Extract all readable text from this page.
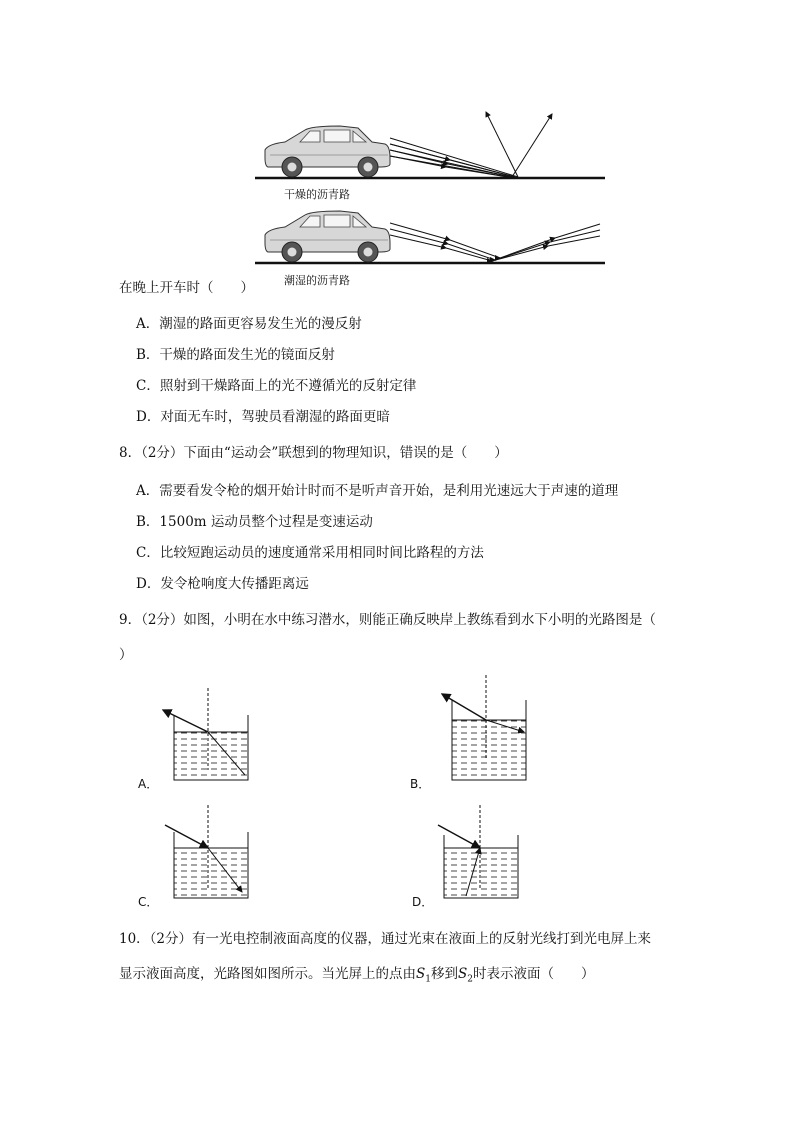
干燥的沥青路
潮湿的沥青路
在晚上开车时（　　）
A．潮湿的路面更容易发生光的漫反射
B．干燥的路面发生光的镜面反射
C．照射到干燥路面上的光不遵循光的反射定律
D．对面无车时，驾驶员看潮湿的路面更暗
8．（2分）下面由“运动会”联想到的物理知识，错误的是（　　）
A．需要看发令枪的烟开始计时而不是听声音开始，是利用光速远大于声速的道理
B．1500m 运动员整个过程是变速运动
C．比较短跑运动员的速度通常采用相同时间比路程的方法
D．发令枪响度大传播距离远
9．（2分）如图，小明在水中练习潜水，则能正确反映岸上教练看到水下小明的光路图是（
）
A．	B．
C．	D．
10．（2分）有一光电控制液面高度的仪器，通过光束在液面上的反射光线打到光电屏上来
显示液面高度，光路图如图所示。当光屏上的点由$S_1$移到$S_2$时表示液面（　　）
